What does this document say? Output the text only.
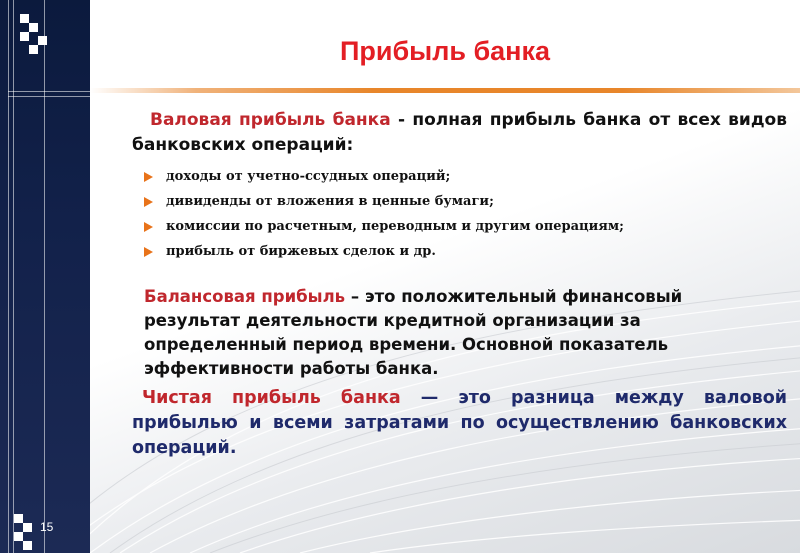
15
Прибыль банка
Валовая прибыль банка - полная прибыль банка от всех видов банковских операций:
доходы от учетно-ссудных операций;
дивиденды от вложения в ценные бумаги;
комиссии по расчетным, переводным и другим операциям;
прибыль от биржевых сделок и др.
Балансовая прибыль – это положительный финансовый результат деятельности кредитной организации за определенный период времени. Основной показатель эффективности работы банка.
Чистая прибыль банка — это разница между валовой прибылью и всеми затратами по осуществлению банковских операций.
